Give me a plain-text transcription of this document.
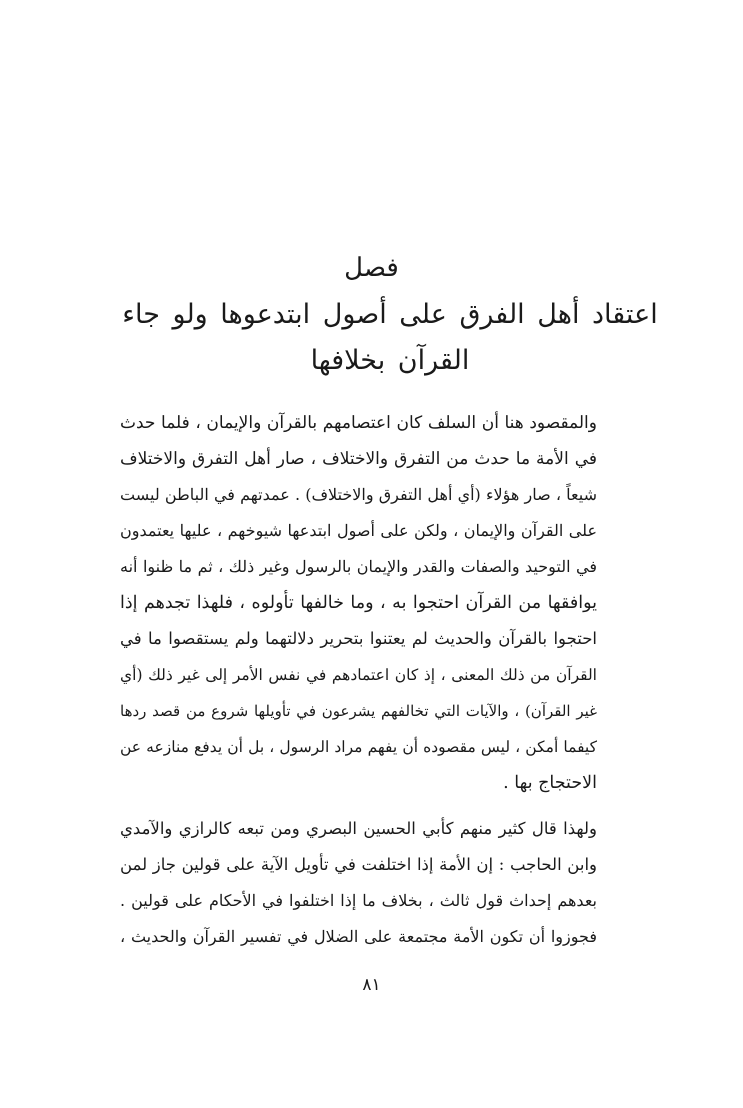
فصل
اعتقاد أهل الفرق على أصول ابتدعوها ولو جاء القرآن بخلافها

والمقصود هنا أن السلف كان اعتصامهم بالقرآن والإيمان ، فلما حدث
في الأمة ما حدث من التفرق والاختلاف ، صار أهل التفرق والاختلاف
شيعاً ، صار هؤلاء (أي أهل التفرق والاختلاف) . عمدتهم في الباطن ليست
على القرآن والإيمان ، ولكن على أصول ابتدعها شيوخهم ، عليها يعتمدون
في التوحيد والصفات والقدر والإيمان بالرسول وغير ذلك ، ثم ما ظنوا أنه
يوافقها من القرآن احتجوا به ، وما خالفها تأولوه ، فلهذا تجدهم إذا
احتجوا بالقرآن والحديث لم يعتنوا بتحرير دلالتهما ولم يستقصوا ما في
القرآن من ذلك المعنى ، إذ كان اعتمادهم في نفس الأمر إلى غير ذلك (أي
غير القرآن) ، والآيات التي تخالفهم يشرعون في تأويلها شروع من قصد ردها
كيفما أمكن ، ليس مقصوده أن يفهم مراد الرسول ، بل أن يدفع منازعه عن
الاحتجاج بها .

ولهذا قال كثير منهم كأبي الحسين البصري ومن تبعه كالرازي والآمدي
وابن الحاجب : إن الأمة إذا اختلفت في تأويل الآية على قولين جاز لمن
بعدهم إحداث قول ثالث ، بخلاف ما إذا اختلفوا في الأحكام على قولين .
فجوزوا أن تكون الأمة مجتمعة على الضلال في تفسير القرآن والحديث ،

٨١
